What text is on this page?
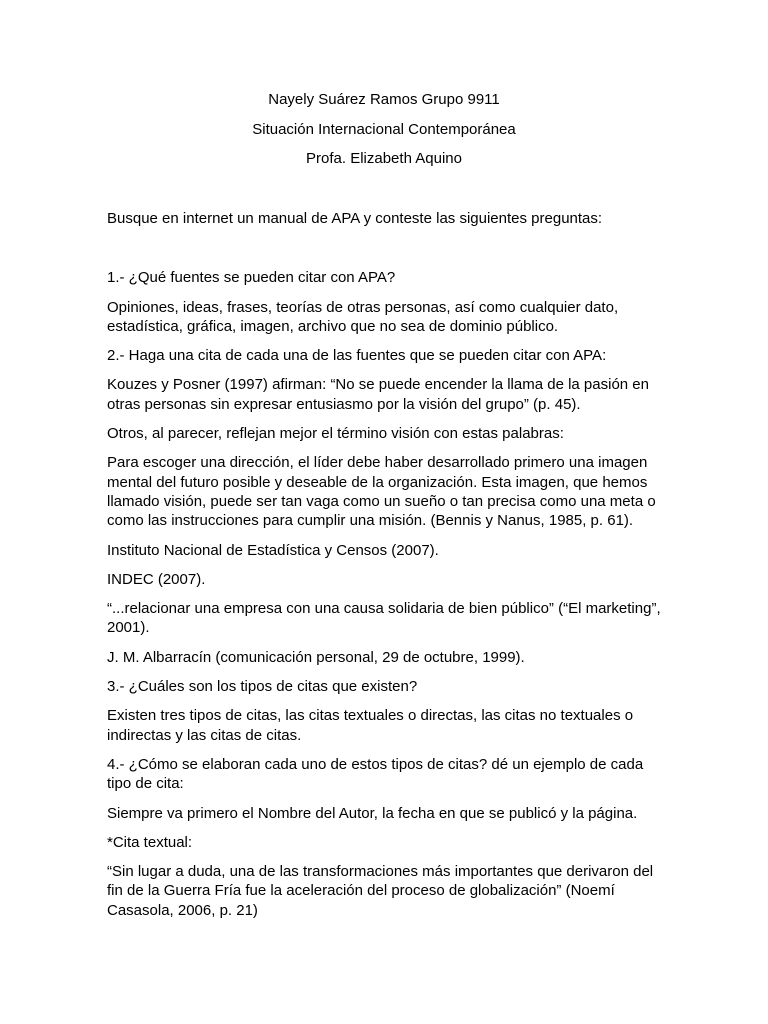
Nayely Suárez Ramos Grupo 9911

Situación Internacional Contemporánea

Profa. Elizabeth Aquino

Busque en internet un manual de APA y conteste las siguientes preguntas:

1.- ¿Qué fuentes se pueden citar con APA?

Opiniones, ideas, frases, teorías de otras personas, así como cualquier dato, estadística, gráfica, imagen, archivo que no sea de dominio público.

2.- Haga una cita de cada una de las fuentes que se pueden citar con APA:

Kouzes y Posner (1997) afirman: “No se puede encender la llama de la pasión en otras personas sin expresar entusiasmo por la visión del grupo” (p. 45).

Otros, al parecer, reflejan mejor el término visión con estas palabras:

Para escoger una dirección, el líder debe haber desarrollado primero una imagen mental del futuro posible y deseable de la organización. Esta imagen, que hemos llamado visión, puede ser tan vaga como un sueño o tan precisa como una meta o como las instrucciones para cumplir una misión. (Bennis y Nanus, 1985, p. 61).

Instituto Nacional de Estadística y Censos (2007).

INDEC (2007).

“...relacionar una empresa con una causa solidaria de bien público” (“El marketing”, 2001).

J. M. Albarracín (comunicación personal, 29 de octubre, 1999).

3.- ¿Cuáles son los tipos de citas que existen?

Existen tres tipos de citas, las citas textuales o directas, las citas no textuales o indirectas y las citas de citas.

4.- ¿Cómo se elaboran cada uno de estos tipos de citas? dé un ejemplo de cada tipo de cita:

Siempre va primero el Nombre del Autor, la fecha en que se publicó y la página.

*Cita textual:

“Sin lugar a duda, una de las transformaciones más importantes que derivaron del fin de la Guerra Fría fue la aceleración del proceso de globalización” (Noemí Casasola, 2006, p. 21)
